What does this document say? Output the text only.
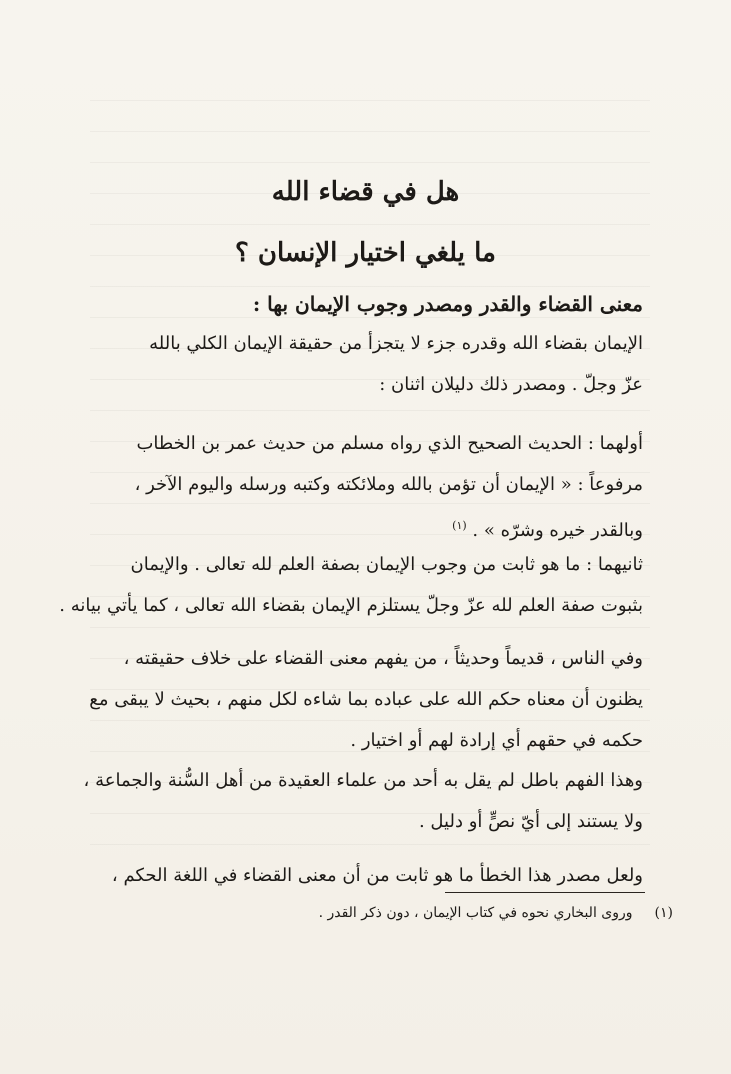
هل في قضاء الله
ما يلغي اختيار الإنسان ؟
معنى القضاء والقدر ومصدر وجوب الإيمان بها :
الإيمان بقضاء الله وقدره جزء لا يتجزأ من حقيقة الإيمان الكلي بالله
عزّ وجلّ . ومصدر ذلك دليلان اثنان :
أولهما : الحديث الصحيح الذي رواه مسلم من حديث عمر بن الخطاب
مرفوعاً : « الإيمان أن تؤمن بالله وملائكته وكتبه ورسله واليوم الآخر ،
وبالقدر خيره وشرّه » . $^{(١)}$
ثانيهما : ما هو ثابت من وجوب الإيمان بصفة العلم لله تعالى . والإيمان
بثبوت صفة العلم لله عزّ وجلّ يستلزم الإيمان بقضاء الله تعالى ، كما يأتي بيانه .
وفي الناس ، قديماً وحديثاً ، من يفهم معنى القضاء على خلاف حقيقته ،
يظنون أن معناه حكم الله على عباده بما شاءه لكل منهم ، بحيث لا يبقى مع
حكمه في حقهم أي إرادة لهم أو اختيار .
وهذا الفهم باطل لم يقل به أحد من علماء العقيدة من أهل السُّنة والجماعة ،
ولا يستند إلى أيّ نصٍّ أو دليل .
ولعل مصدر هذا الخطأ ما هو ثابت من أن معنى القضاء في اللغة الحكم ،
(١)وروى البخاري نحوه في كتاب الإيمان ، دون ذكر القدر .
